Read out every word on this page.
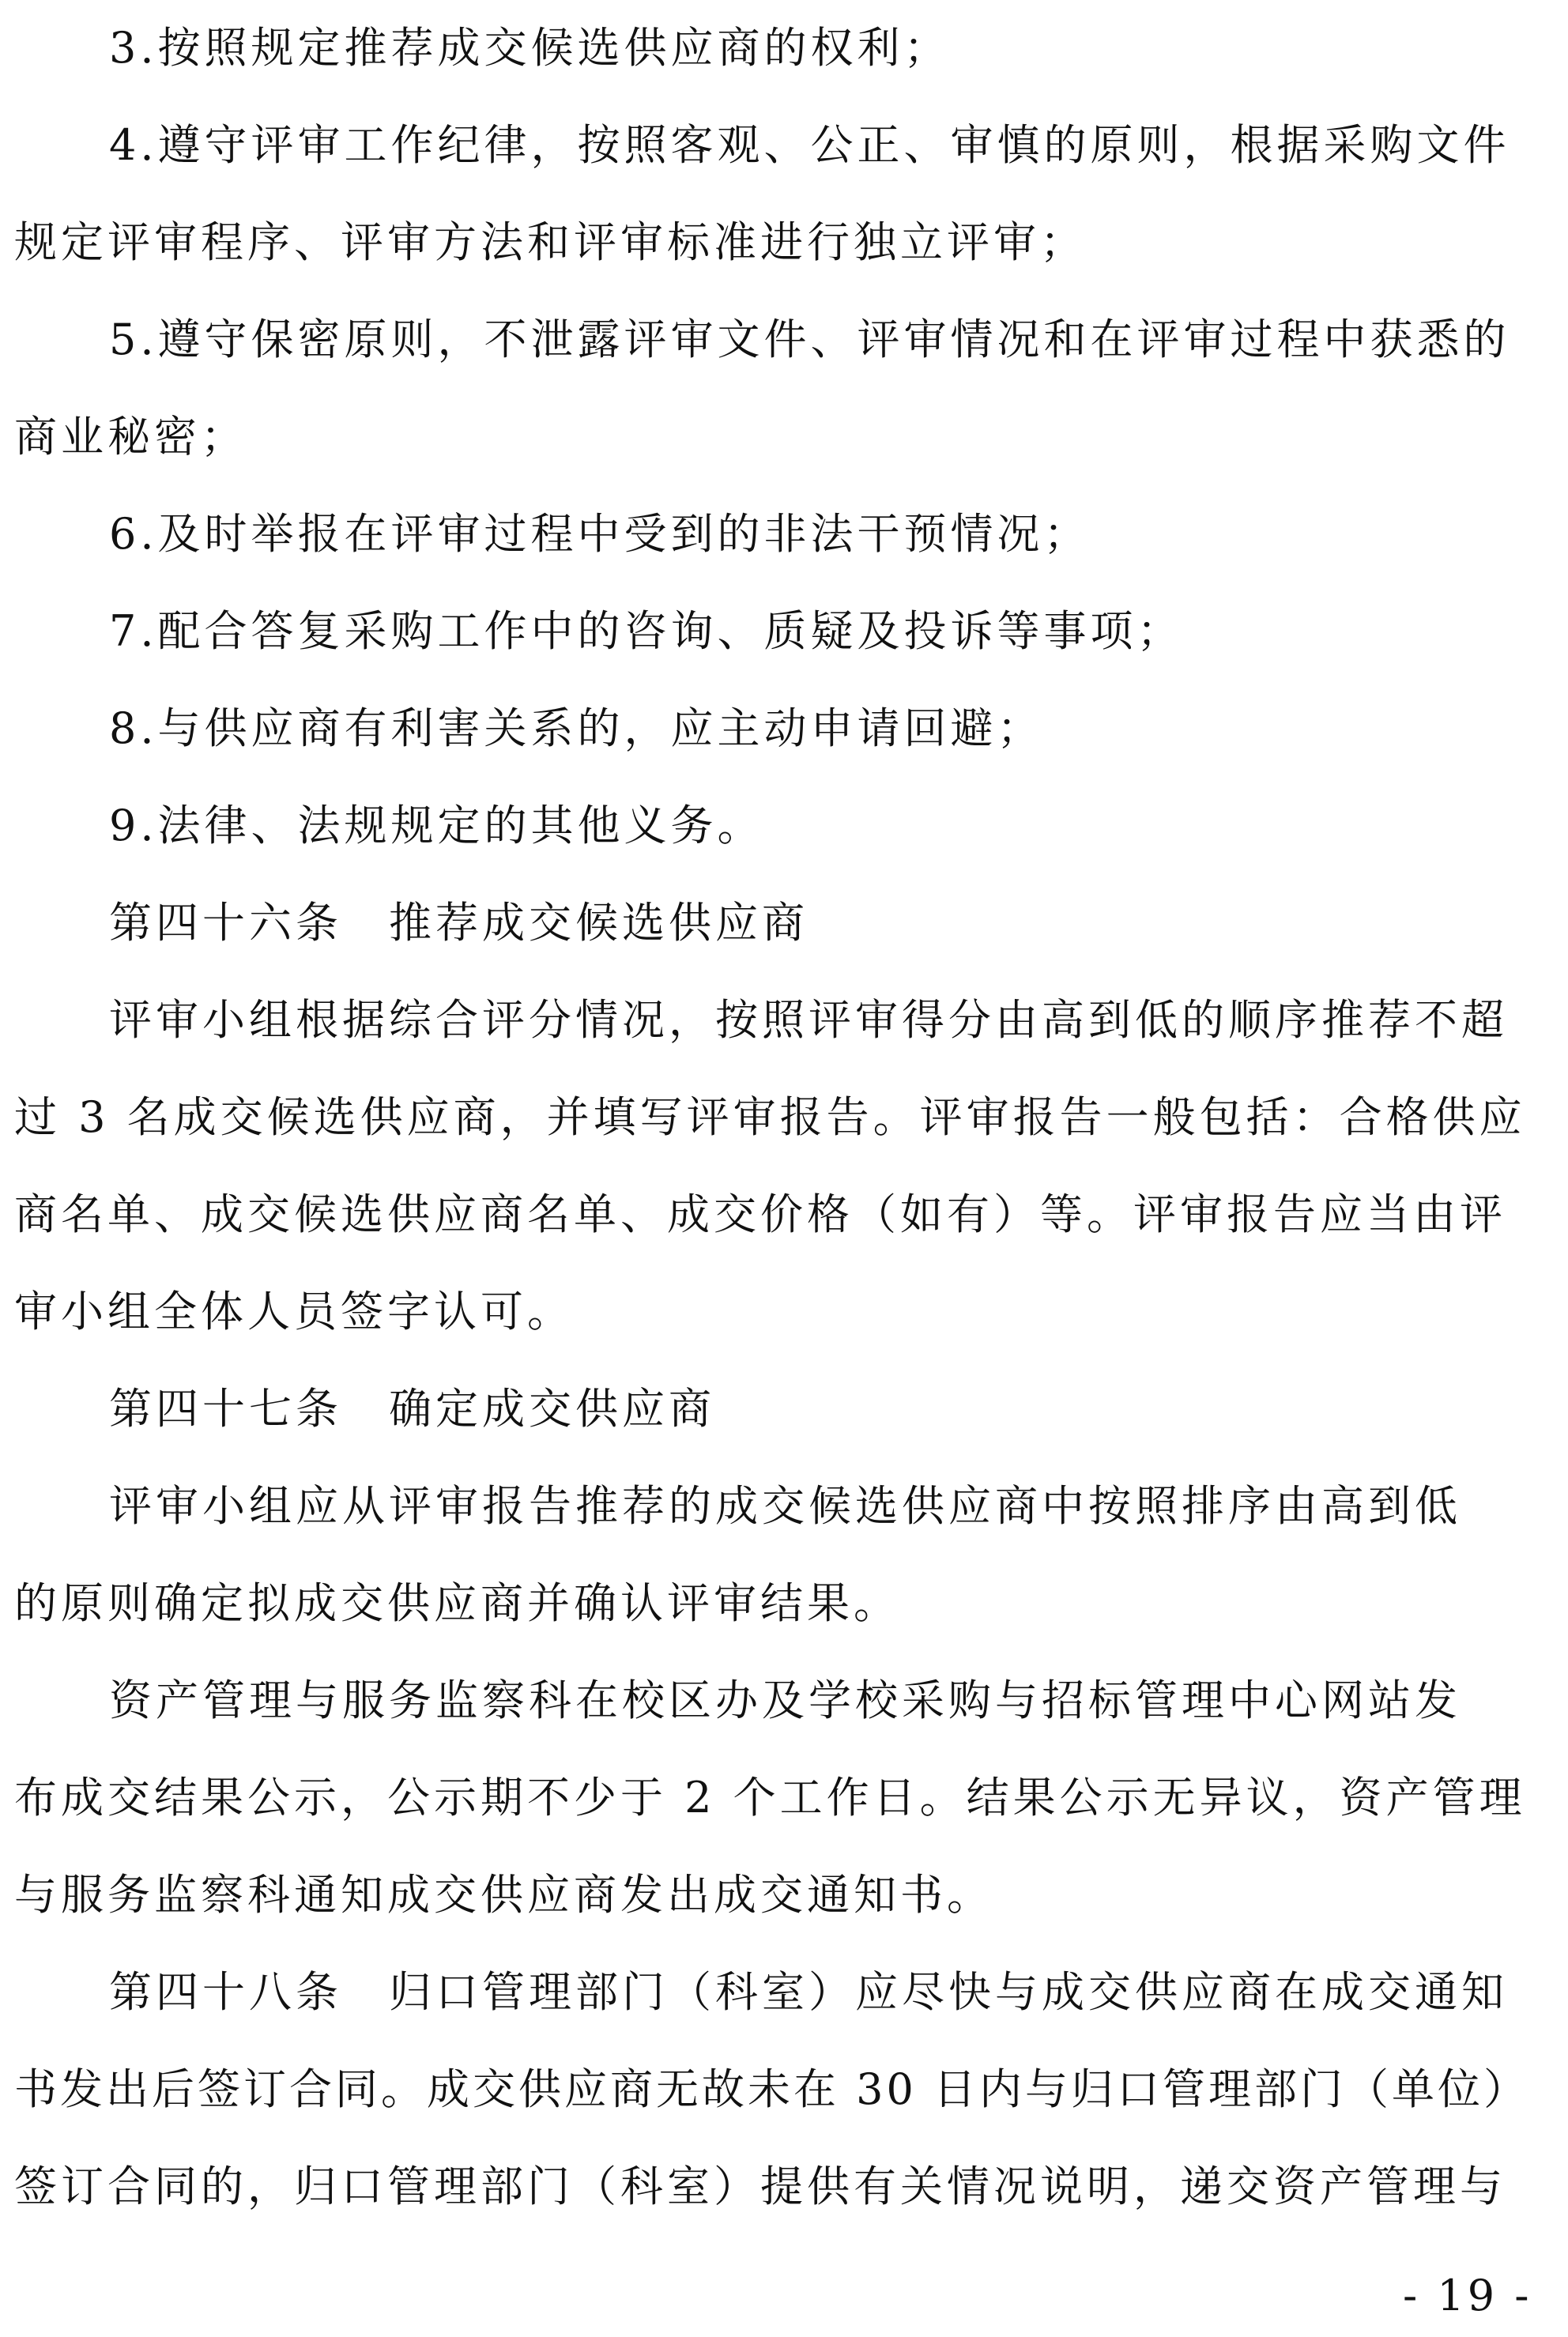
3.按照规定推荐成交候选供应商的权利；
4.遵守评审工作纪律，按照客观、公正、审慎的原则，根据采购文件
规定评审程序、评审方法和评审标准进行独立评审；
5.遵守保密原则，不泄露评审文件、评审情况和在评审过程中获悉的
商业秘密；
6.及时举报在评审过程中受到的非法干预情况；
7.配合答复采购工作中的咨询、质疑及投诉等事项；
8.与供应商有利害关系的，应主动申请回避；
9.法律、法规规定的其他义务。
第四十六条　推荐成交候选供应商
评审小组根据综合评分情况，按照评审得分由高到低的顺序推荐不超
过 3 名成交候选供应商，并填写评审报告。评审报告一般包括：合格供应
商名单、成交候选供应商名单、成交价格（如有）等。评审报告应当由评
审小组全体人员签字认可。
第四十七条　确定成交供应商
评审小组应从评审报告推荐的成交候选供应商中按照排序由高到低
的原则确定拟成交供应商并确认评审结果。
资产管理与服务监察科在校区办及学校采购与招标管理中心网站发
布成交结果公示，公示期不少于 2 个工作日。结果公示无异议，资产管理
与服务监察科通知成交供应商发出成交通知书。
第四十八条　归口管理部门（科室）应尽快与成交供应商在成交通知
书发出后签订合同。成交供应商无故未在 30 日内与归口管理部门（单位）
签订合同的，归口管理部门（科室）提供有关情况说明，递交资产管理与
- 19 -
